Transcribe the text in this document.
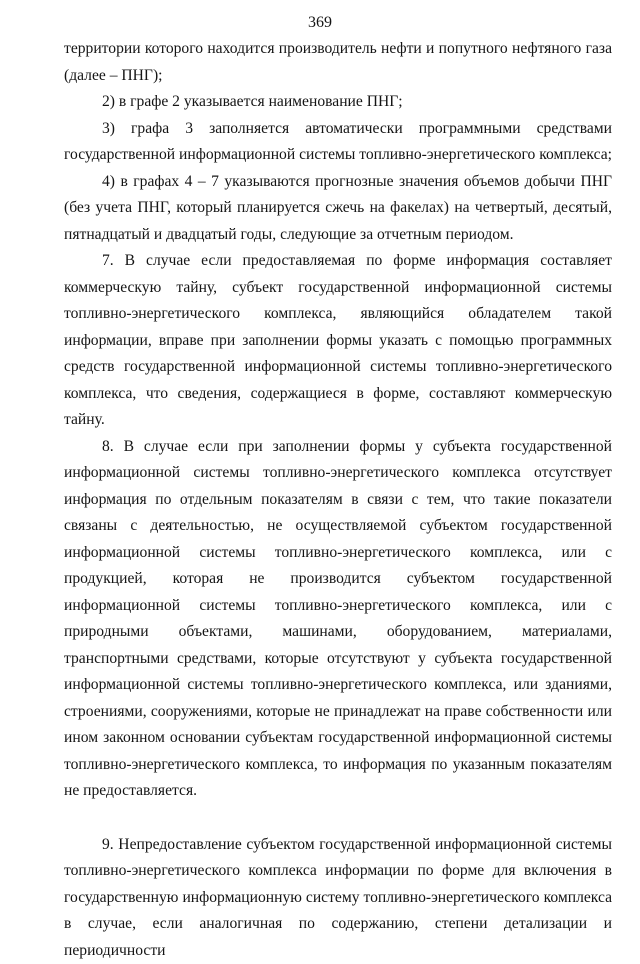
369

территории которого находится производитель нефти и попутного нефтяного газа (далее – ПНГ);

2) в графе 2 указывается наименование ПНГ;

3) графа 3 заполняется автоматически программными средствами государственной информационной системы топливно-энергетического комплекса;

4) в графах 4 – 7 указываются прогнозные значения объемов добычи ПНГ (без учета ПНГ, который планируется сжечь на факелах) на четвертый, десятый, пятнадцатый и двадцатый годы, следующие за отчетным периодом.

7. В случае если предоставляемая по форме информация составляет коммерческую тайну, субъект государственной информационной системы топливно-энергетического комплекса, являющийся обладателем такой информации, вправе при заполнении формы указать с помощью программных средств государственной информационной системы топливно-энергетического комплекса, что сведения, содержащиеся в форме, составляют коммерческую тайну.

8. В случае если при заполнении формы у субъекта государственной информационной системы топливно-энергетического комплекса отсутствует информация по отдельным показателям в связи с тем, что такие показатели связаны с деятельностью, не осуществляемой субъектом государственной информационной системы топливно-энергетического комплекса, или с продукцией, которая не производится субъектом государственной информационной системы топливно-энергетического комплекса, или с природными объектами, машинами, оборудованием, материалами, транспортными средствами, которые отсутствуют у субъекта государственной информационной системы топливно-энергетического комплекса, или зданиями, строениями, сооружениями, которые не принадлежат на праве собственности или ином законном основании субъектам государственной информационной системы топливно-энергетического комплекса, то информация по указанным показателям не предоставляется.

9. Непредоставление субъектом государственной информационной системы топливно-энергетического комплекса информации по форме для включения в государственную информационную систему топливно-энергетического комплекса в случае, если аналогичная по содержанию, степени детализации и периодичности
